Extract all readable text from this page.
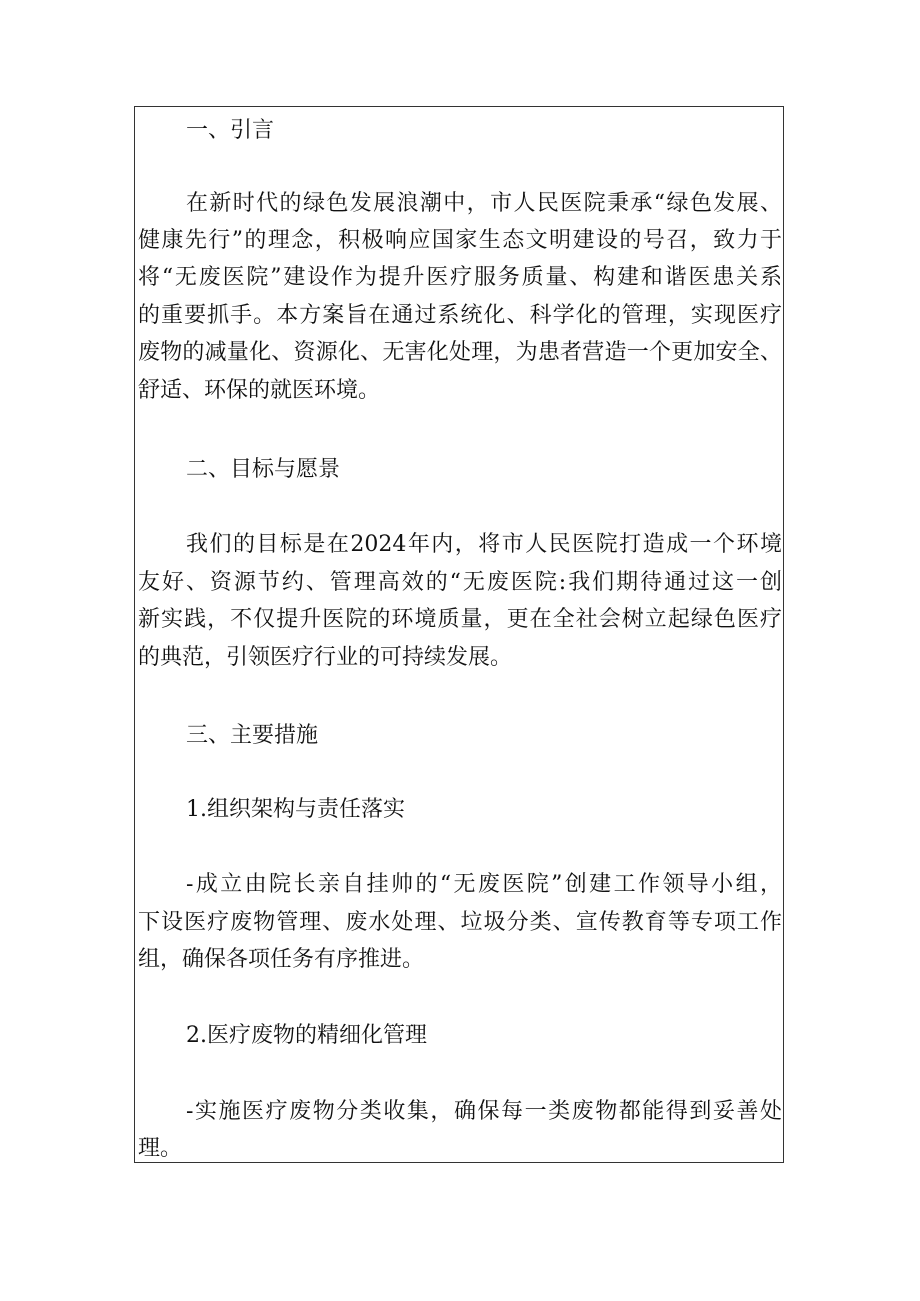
一、引言
在新时代的绿色发展浪潮中，市人民医院秉承“绿色发展、
健康先行”的理念，积极响应国家生态文明建设的号召，致力于
将“无废医院”建设作为提升医疗服务质量、构建和谐医患关系
的重要抓手。本方案旨在通过系统化、科学化的管理，实现医疗
废物的减量化、资源化、无害化处理，为患者营造一个更加安全、
舒适、环保的就医环境。
二、目标与愿景
我们的目标是在2024年内，将市人民医院打造成一个环境
友好、资源节约、管理高效的“无废医院:我们期待通过这一创
新实践，不仅提升医院的环境质量，更在全社会树立起绿色医疗
的典范，引领医疗行业的可持续发展。
三、主要措施
1.组织架构与责任落实
-成立由院长亲自挂帅的“无废医院”创建工作领导小组，
下设医疗废物管理、废水处理、垃圾分类、宣传教育等专项工作
组，确保各项任务有序推进。
2.医疗废物的精细化管理
-实施医疗废物分类收集，确保每一类废物都能得到妥善处
理。
